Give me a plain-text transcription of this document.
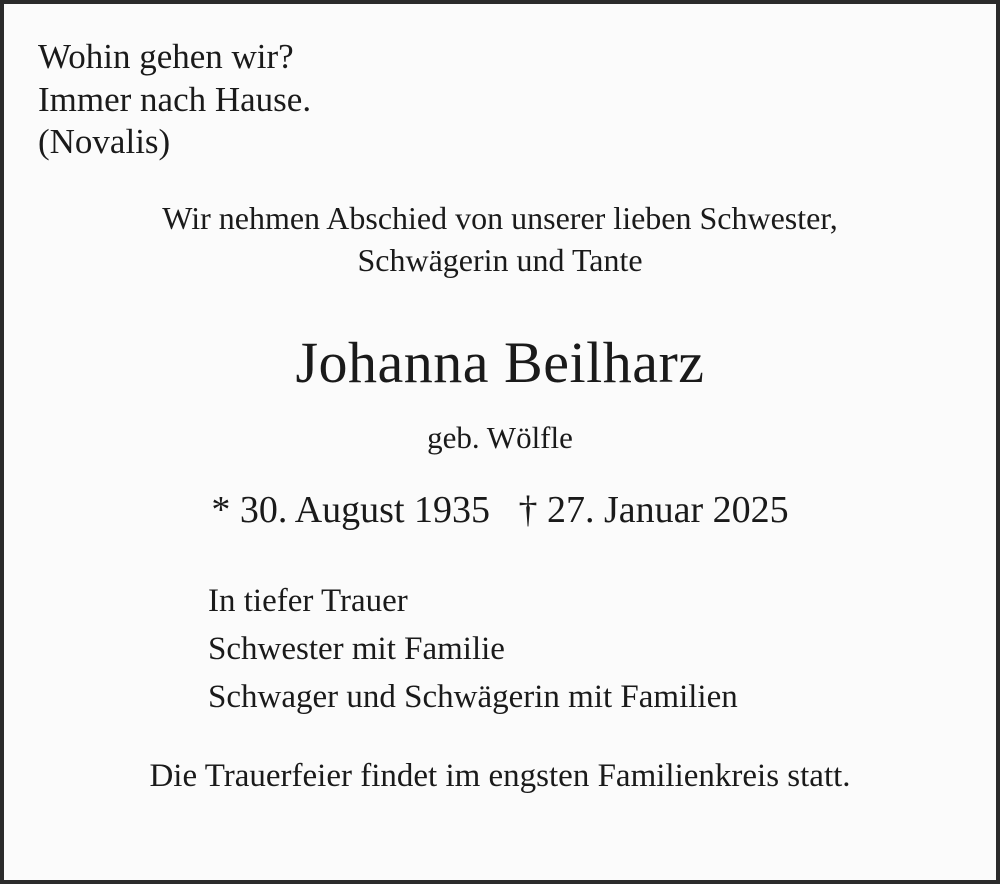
Wohin gehen wir?
Immer nach Hause.
(Novalis)
Wir nehmen Abschied von unserer lieben Schwester,
Schwägerin und Tante
Johanna Beilharz
geb. Wölfle
* 30. August 1935   † 27. Januar 2025
In tiefer Trauer
Schwester mit Familie
Schwager und Schwägerin mit Familien
Die Trauerfeier findet im engsten Familienkreis statt.
